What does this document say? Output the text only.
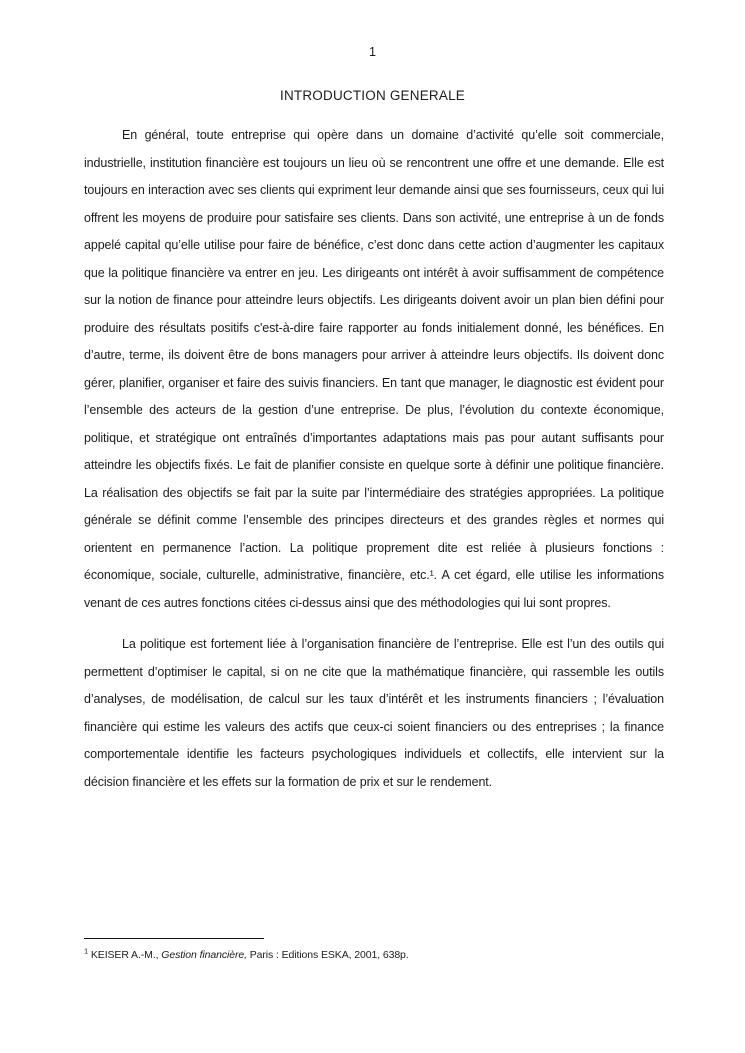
1
INTRODUCTION GENERALE

En général, toute entreprise qui opère dans un domaine d’activité qu’elle soit commerciale, industrielle, institution financière est toujours un lieu où se rencontrent une offre et une demande. Elle est toujours en interaction avec ses clients qui expriment leur demande ainsi que ses fournisseurs, ceux qui lui offrent les moyens de produire pour satisfaire ses clients. Dans son activité, une entreprise à un de fonds appelé capital qu’elle utilise pour faire de bénéfice, c’est donc dans cette action d’augmenter les capitaux que la politique financière va entrer en jeu. Les dirigeants ont intérêt à avoir suffisamment de compétence sur la notion de finance pour atteindre leurs objectifs. Les dirigeants doivent avoir un plan bien défini pour produire des résultats positifs c'est-à-dire faire rapporter au fonds initialement donné, les bénéfices. En d’autre, terme, ils doivent être de bons managers pour arriver à atteindre leurs objectifs. Ils doivent donc gérer, planifier, organiser et faire des suivis financiers. En tant que manager, le diagnostic est évident pour l’ensemble des acteurs de la gestion d’une entreprise. De plus, l’évolution du contexte économique, politique, et stratégique ont entraînés d’importantes adaptations mais pas pour autant suffisants pour atteindre les objectifs fixés. Le fait de planifier consiste en quelque sorte à définir une politique financière. La réalisation des objectifs se fait par la suite par l’intermédiaire des stratégies appropriées. La politique générale se définit comme l’ensemble des principes directeurs et des grandes règles et normes qui orientent en permanence l’action. La politique proprement dite est reliée à plusieurs fonctions : économique, sociale, culturelle, administrative, financière, etc.¹. A cet égard, elle utilise les informations venant de ces autres fonctions citées ci-dessus ainsi que des méthodologies qui lui sont propres.

La politique est fortement liée à l’organisation financière de l’entreprise. Elle est l’un des outils qui permettent d’optimiser le capital, si on ne cite que la mathématique financière, qui rassemble les outils d’analyses, de modélisation, de calcul sur les taux d’intérêt et les instruments financiers ; l’évaluation financière qui estime les valeurs des actifs que ceux-ci soient financiers ou des entreprises ; la finance comportementale identifie les facteurs psychologiques individuels et collectifs, elle intervient sur la décision financière et les effets sur la formation de prix et sur le rendement.

$^1$ KEISER A.-M., Gestion financière, Paris : Editions ESKA, 2001, 638p.
